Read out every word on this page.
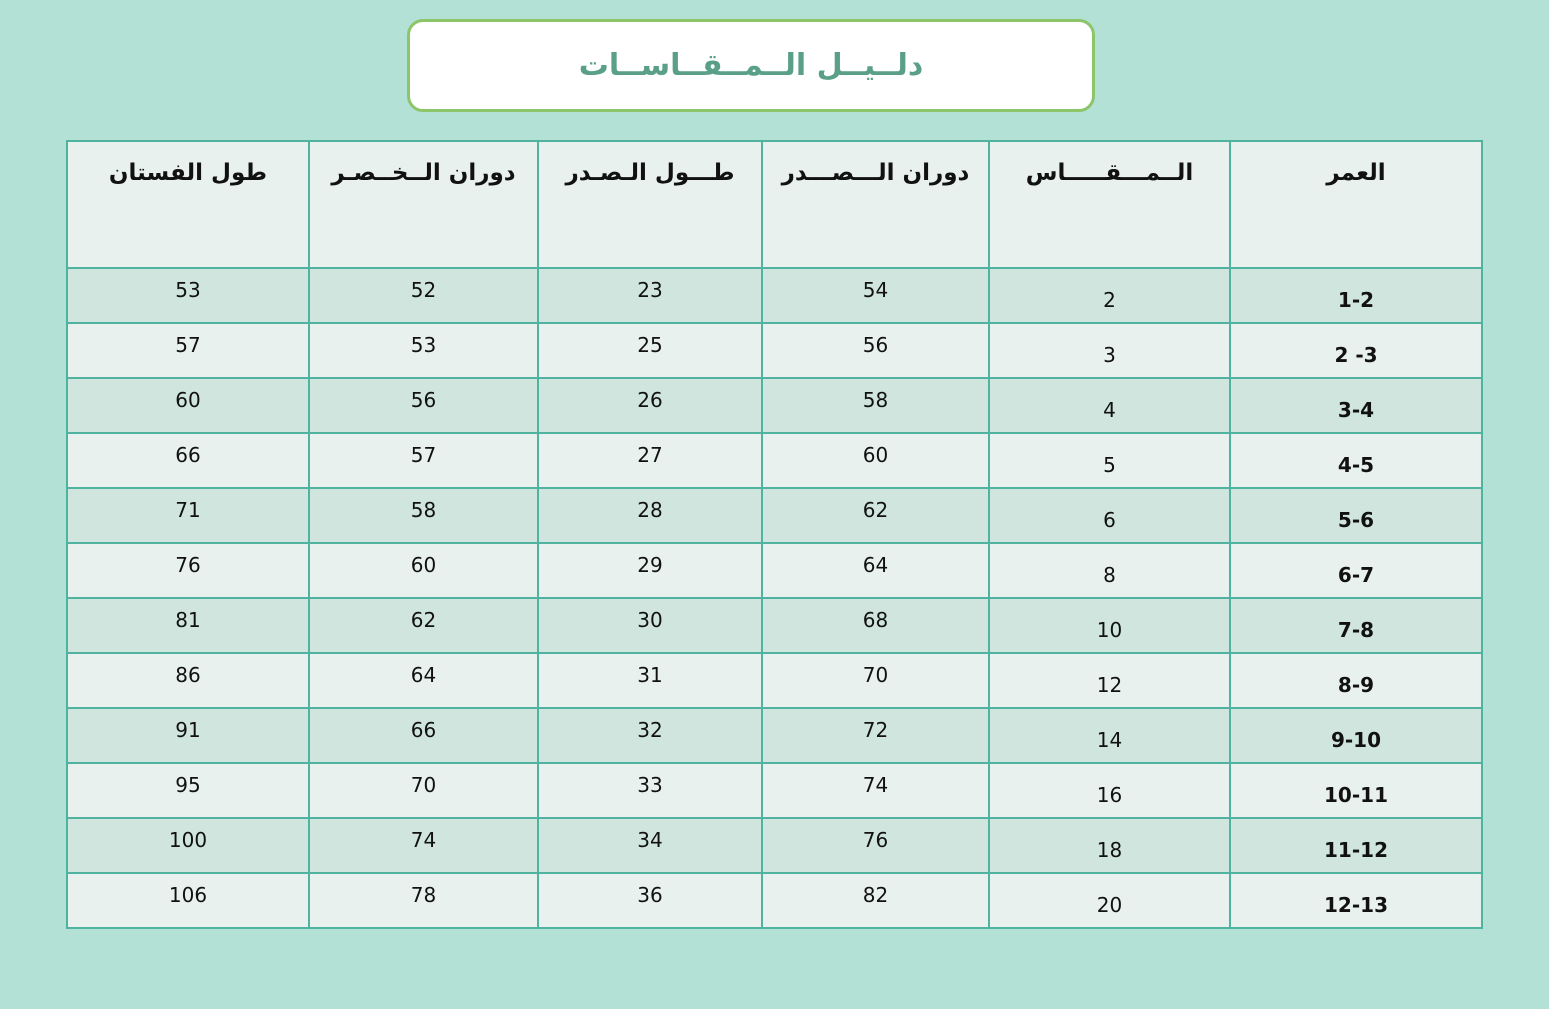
دلــيــل الــمــقــاســات
العمر	الــمـــقـــــاس	دوران الـــصـــدر	طـــول الـصـدر	دوران الــخــصـر	طول الفستان
1-2	2	54	23	52	53
2 -3	3	56	25	53	57
3-4	4	58	26	56	60
4-5	5	60	27	57	66
5-6	6	62	28	58	71
6-7	8	64	29	60	76
7-8	10	68	30	62	81
8-9	12	70	31	64	86
9-10	14	72	32	66	91
10-11	16	74	33	70	95
11-12	18	76	34	74	100
12-13	20	82	36	78	106
